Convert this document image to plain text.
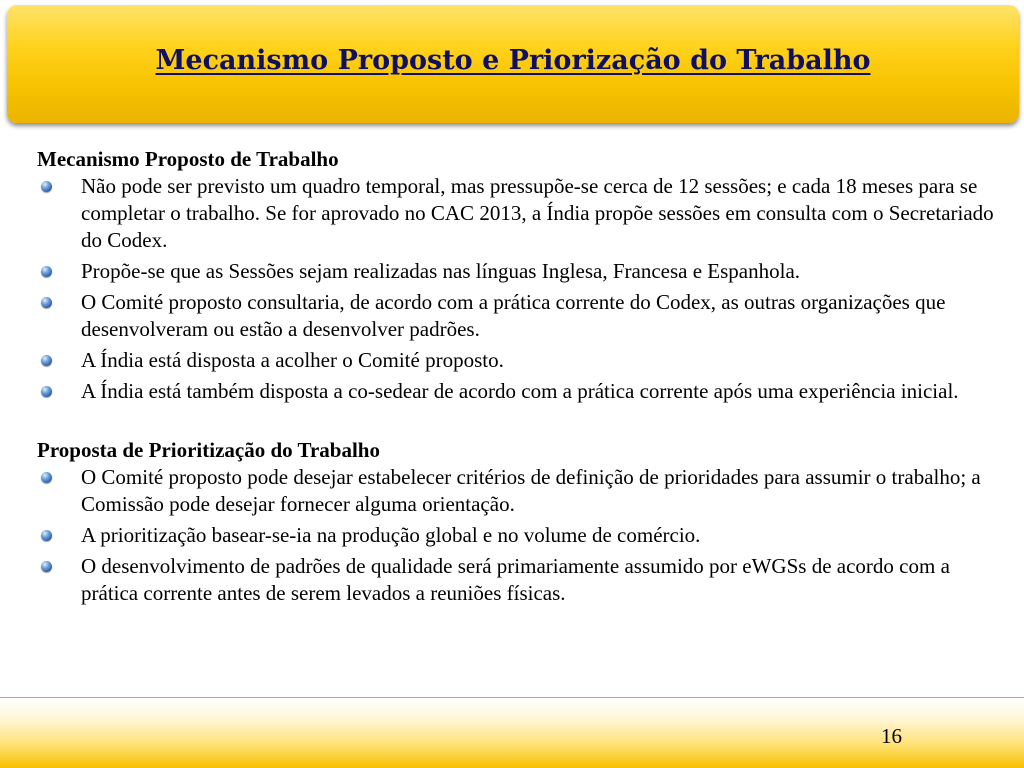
Mecanismo Proposto e Priorização do Trabalho

Mecanismo Proposto de Trabalho

Não pode ser previsto um quadro temporal, mas pressupõe-se cerca de 12 sessões; e cada 18 meses para se completar o trabalho. Se for aprovado no CAC 2013, a Índia propõe sessões em consulta com o Secretariado do Codex.
Propõe-se que as Sessões sejam realizadas nas línguas Inglesa, Francesa e Espanhola.
O Comité proposto consultaria, de acordo com a prática corrente do Codex, as outras organizações que desenvolveram ou estão a desenvolver padrões.
A Índia está disposta a acolher o Comité proposto.
A Índia está também disposta a co-sedear de acordo com a prática corrente após uma experiência inicial.

Proposta de Prioritização do Trabalho

O Comité proposto pode desejar estabelecer critérios de definição de prioridades para assumir o trabalho; a Comissão pode desejar fornecer alguma orientação.
A prioritização basear-se-ia na produção global e no volume de comércio.
O desenvolvimento de padrões de qualidade será primariamente assumido por eWGSs de acordo com a prática corrente antes de serem levados a reuniões físicas.
16
